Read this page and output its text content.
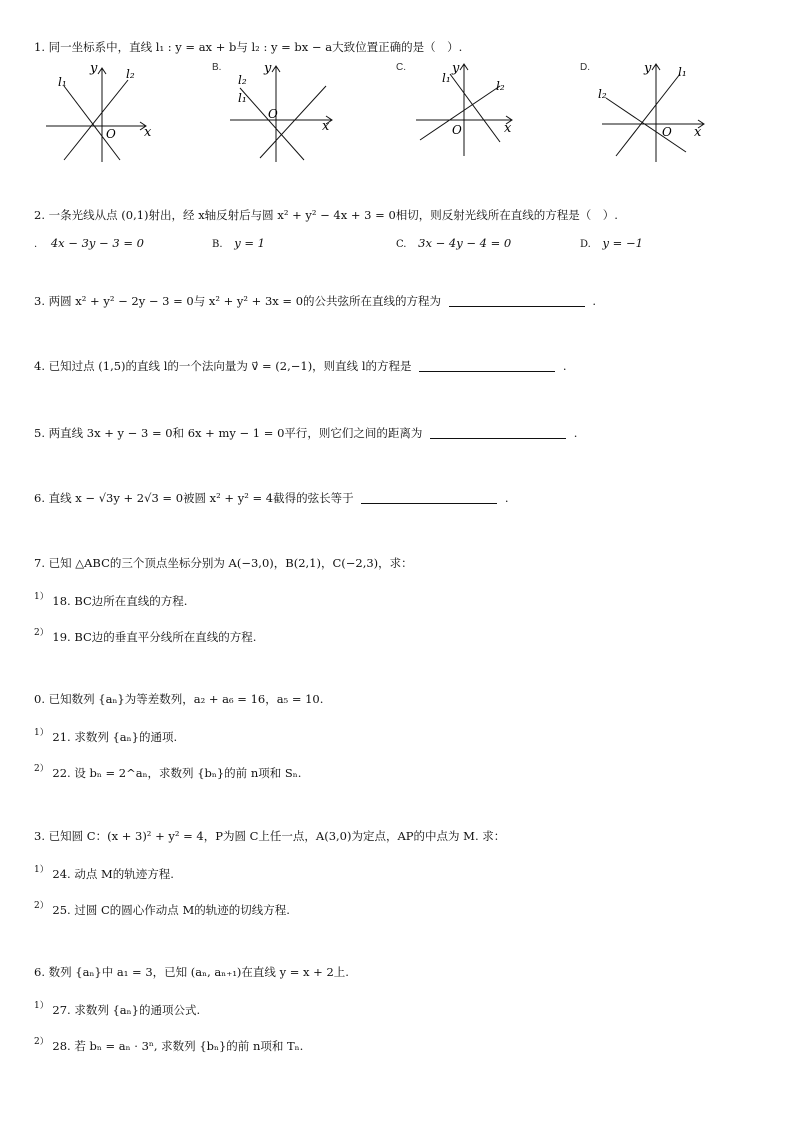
1. 同一坐标系中，直线 l₁ : y = ax + b与 l₂ : y = bx − a大致位置正确的是（　）.
x
y
O
l₁
l₂	B.
x
y
O
l₁
l₂
C.
x
y
O
l₁
l₂
D.
x
y
O
l₁
l₂
2. 一条光线从点 (0,1)射出，经 x轴反射后与圆 x² + y² − 4x + 3 = 0相切，则反射光线所在直线的方程是（　）.
. 4x − 3y − 3 = 0	B. y = 1	C. 3x − 4y − 4 = 0	D. y = −1
3. 两圆 x² + y² − 2y − 3 = 0与 x² + y² + 3x = 0的公共弦所在直线的方程为	.
4. 已知过点 (1,5)的直线 l的一个法向量为 v⃗ = (2,−1)，则直线 l的方程是	.
5. 两直线 3x + y − 3 = 0和 6x + my − 1 = 0平行，则它们之间的距离为	.
6. 直线 x − √3y + 2√3 = 0被圆 x² + y² = 4截得的弦长等于	.
7. 已知 △ABC的三个顶点坐标分别为 A(−3,0)，B(2,1)，C(−2,3)，求：
$^{1)}$ 18. BC边所在直线的方程.
$^{2)}$ 19. BC边的垂直平分线所在直线的方程.
0. 已知数列 {aₙ}为等差数列，a₂ + a₆ = 16，a₅ = 10.
$^{1)}$ 21. 求数列 {aₙ}的通项.
$^{2)}$ 22. 设 bₙ = 2^aₙ，求数列 {bₙ}的前 n项和 Sₙ.
3. 已知圆 C：(x + 3)² + y² = 4，P为圆 C上任一点，A(3,0)为定点，AP的中点为 M. 求：
$^{1)}$ 24. 动点 M的轨迹方程.
$^{2)}$ 25. 过圆 C的圆心作动点 M的轨迹的切线方程.
6. 数列 {aₙ}中 a₁ = 3，已知 (aₙ, aₙ₊₁)在直线 y = x + 2上.
$^{1)}$ 27. 求数列 {aₙ}的通项公式.
$^{2)}$ 28. 若 bₙ = aₙ · 3ⁿ, 求数列 {bₙ}的前 n项和 Tₙ.
